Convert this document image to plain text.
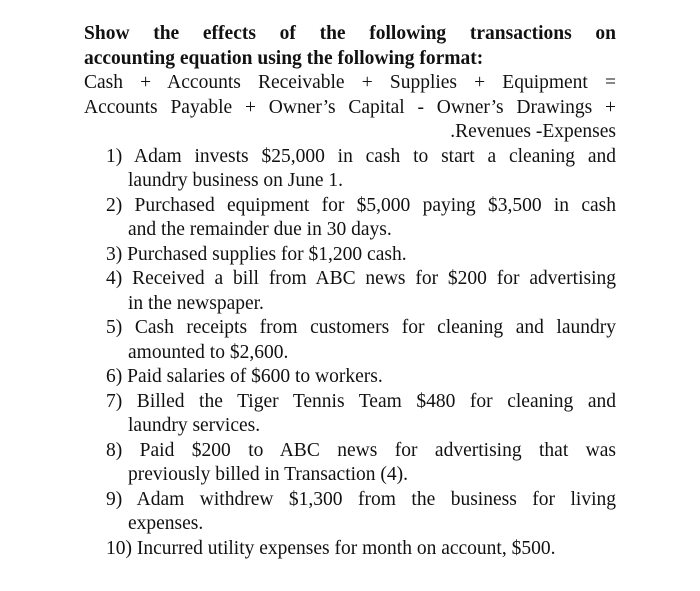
Show the effects of the following transactions on
accounting equation using the following format:
Cash + Accounts Receivable + Supplies + Equipment =
Accounts Payable + Owner’s Capital - Owner’s Drawings +
.Revenues -Expenses
1) Adam invests $25,000 in cash to start a cleaning and
laundry business on June 1.
2) Purchased equipment for $5,000 paying $3,500 in cash
and the remainder due in 30 days.
3) Purchased supplies for $1,200 cash.
4) Received a bill from ABC news for $200 for advertising
in the newspaper.
5) Cash receipts from customers for cleaning and laundry
amounted to $2,600.
6) Paid salaries of $600 to workers.
7) Billed the Tiger Tennis Team $480 for cleaning and
laundry services.
8) Paid $200 to ABC news for advertising that was
previously billed in Transaction (4).
9) Adam withdrew $1,300 from the business for living
expenses.
10) Incurred utility expenses for month on account, $500.
